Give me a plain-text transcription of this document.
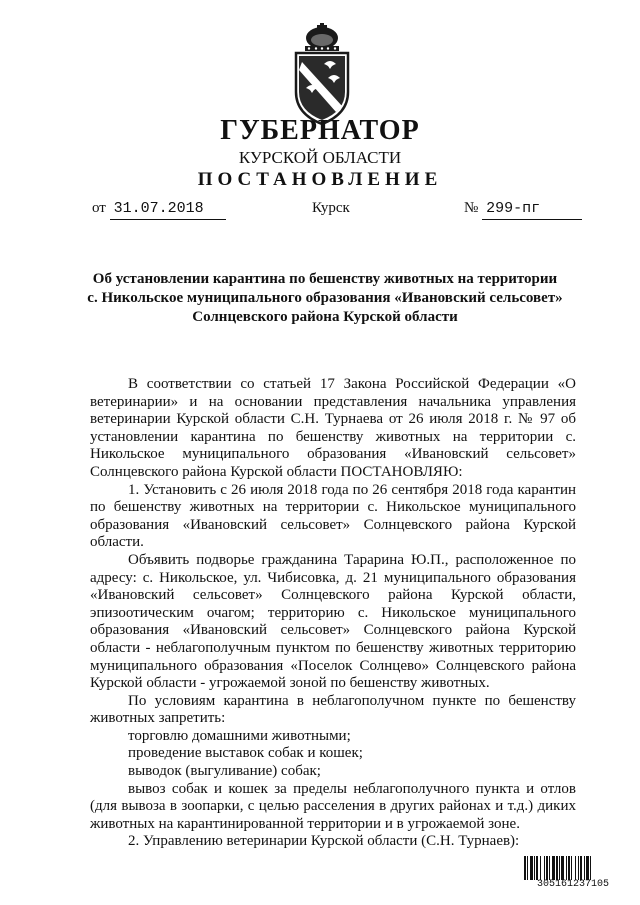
ГУБЕРНАТОР
КУРСКОЙ ОБЛАСТИ
ПОСТАНОВЛЕНИЕ
от 31.07.2018	Курск	№ 299-пг
Об установлении карантина по бешенству животных на территории
с. Никольское муниципального образования «Ивановский сельсовет»
Солнцевского района Курской области

В соответствии со статьей 17 Закона Российской Федерации «О ветеринарии» и на основании представления начальника управления ветеринарии Курской области С.Н. Турнаева от 26 июля 2018 г. № 97 об установлении карантина по бешенству животных на территории с. Никольское муниципального образования «Ивановский сельсовет» Солнцевского района Курской области ПОСТАНОВЛЯЮ:

1. Установить с 26 июля 2018 года по 26 сентября 2018 года карантин по бешенству животных на территории с. Никольское муниципального образования «Ивановский сельсовет» Солнцевского района Курской области.

Объявить подворье гражданина Тарарина Ю.П., расположенное по адресу: с. Никольское, ул. Чибисовка, д. 21 муниципального образования «Ивановский сельсовет» Солнцевского района Курской области, эпизоотическим очагом; территорию с. Никольское муниципального образования «Ивановский сельсовет» Солнцевского района Курской области - неблагополучным пунктом по бешенству животных территорию муниципального образования «Поселок Солнцево» Солнцевского района Курской области - угрожаемой зоной по бешенству животных.

По условиям карантина в неблагополучном пункте по бешенству животных запретить:

торговлю домашними животными;

проведение выставок собак и кошек;

выводок (выгуливание) собак;

вывоз собак и кошек за пределы неблагополучного пункта и отлов (для вывоза в зоопарки, с целью расселения в других районах и т.д.) диких животных на карантинированной территории и в угрожаемой зоне.

2. Управлению ветеринарии Курской области (С.Н. Турнаев):

305161237105
